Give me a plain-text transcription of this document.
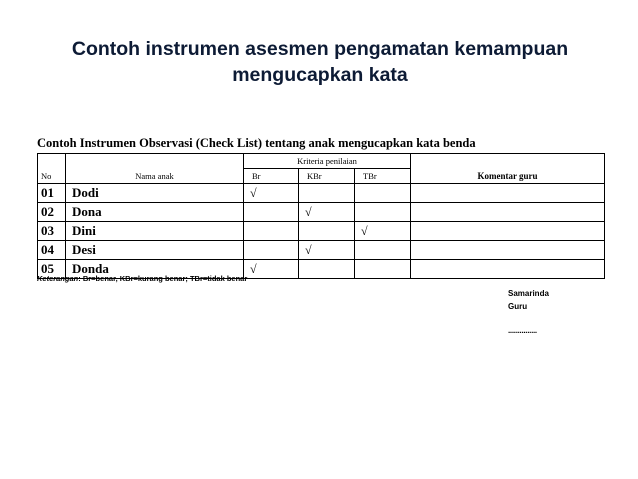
Contoh instrumen asesmen pengamatan kemampuan
mengucapkan kata
Contoh Instrumen Observasi (Check List) tentang anak mengucapkan kata benda
No	Nama anak	Kriteria penilaian			Komentar guru
		Br	KBr	TBr	
01	Dodi	√			
02	Dona		√		
03	Dini			√	
04	Desi		√		
05	Donda	√			
Keterangan: Br=benar, KBr=kurang benar; TBr=tidak benar
Samarinda
Guru
...............
